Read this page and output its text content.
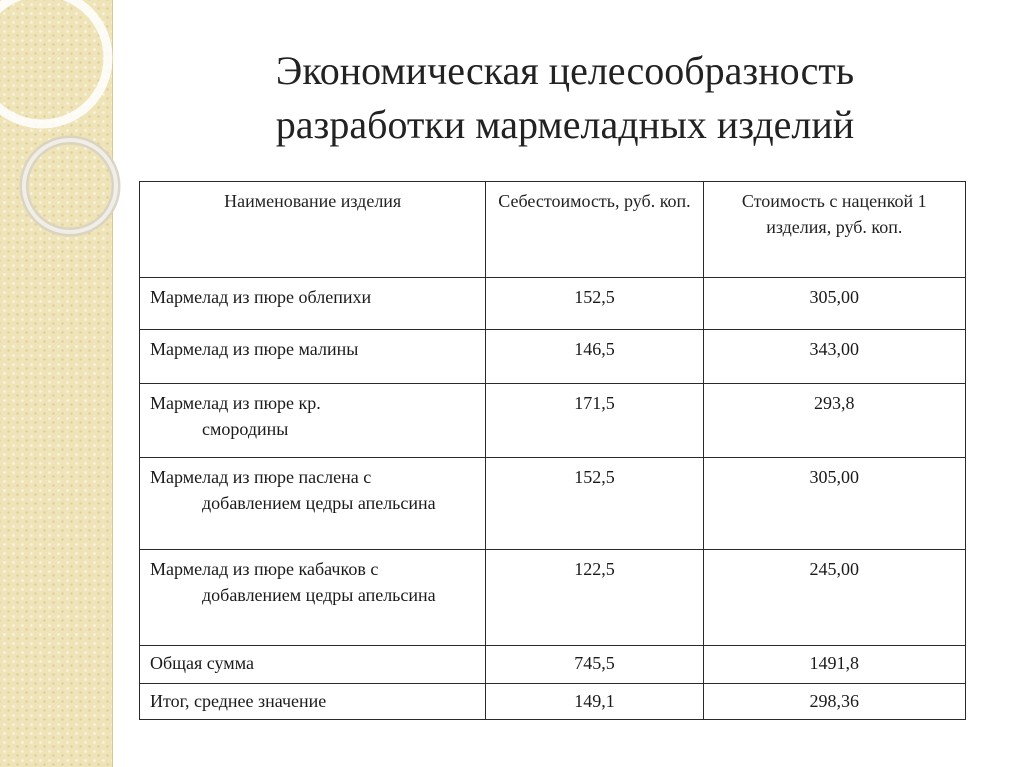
Экономическая целесообразность
разработки мармеладных изделий
Наименование изделия	Себестоимость, руб. коп.	Стоимость с наценкой 1 изделия, руб. коп.

Мармелад из пюре облепихи	152,5	305,00

Мармелад из пюре малины	146,5	343,00

Мармелад из пюре кр.
смородины	171,5	293,8

Мармелад из пюре паслена с
добавлением цедры апельсина	152,5	305,00

Мармелад из пюре кабачков с
добавлением цедры апельсина	122,5	245,00

Общая сумма	745,5	1491,8

Итог, среднее значение	149,1	298,36
